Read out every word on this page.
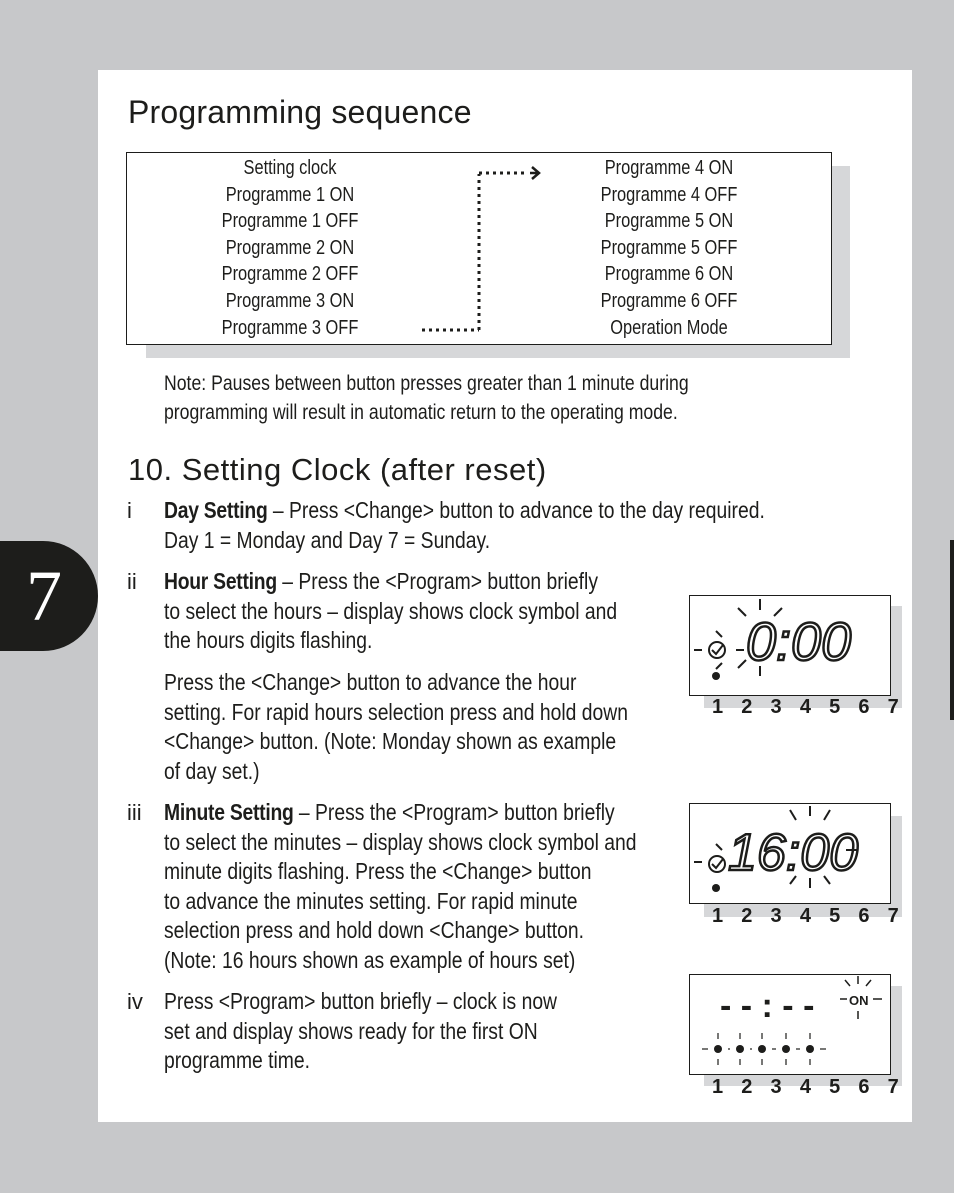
7
Programming sequence
Setting clock
Programme 1 ON
Programme 1 OFF
Programme 2 ON
Programme 2 OFF
Programme 3 ON
Programme 3 OFF
Programme 4 ON
Programme 4 OFF
Programme 5 ON
Programme 5 OFF
Programme 6 ON
Programme 6 OFF
Operation Mode
Note: Pauses between button presses greater than 1 minute during
programming will result in automatic return to the operating mode.
10. Setting Clock (after reset)
i Day Setting – Press <Change> button to advance to the day required.
Day 1 = Monday and Day 7 = Sunday.
ii Hour Setting – Press the <Program> button briefly
to select the hours – display shows clock symbol and
the hours digits flashing.
Press the <Change> button to advance the hour
setting. For rapid hours selection press and hold down
<Change> button. (Note: Monday shown as example
of day set.)
iii Minute Setting – Press the <Program> button briefly
to select the minutes – display shows clock symbol and
minute digits flashing. Press the <Change> button
to advance the minutes setting. For rapid minute
selection press and hold down <Change> button.
(Note: 16 hours shown as example of hours set)
iv Press <Program> button briefly – clock is now
set and display shows ready for the first ON
programme time.
0:00
1 2 3 4 5 6 7
16:00
1 2 3 4 5 6 7
- - : - -	ON
1 2 3 4 5 6 7
